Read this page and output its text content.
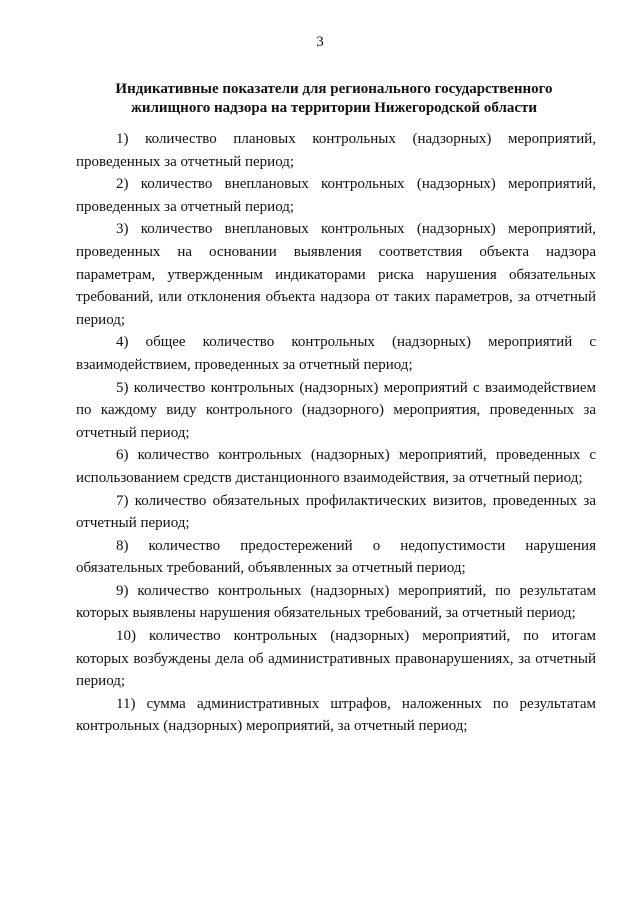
3
Индикативные показатели для регионального государственного
жилищного надзора на территории Нижегородской области

1) количество плановых контрольных (надзорных) мероприятий, проведенных за отчетный период;

2) количество внеплановых контрольных (надзорных) мероприятий, проведенных за отчетный период;

3) количество внеплановых контрольных (надзорных) мероприятий, проведенных на основании выявления соответствия объекта надзора параметрам, утвержденным индикаторами риска нарушения обязательных требований, или отклонения объекта надзора от таких параметров, за отчетный период;

4) общее количество контрольных (надзорных) мероприятий с взаимодействием, проведенных за отчетный период;

5) количество контрольных (надзорных) мероприятий с взаимодействием по каждому виду контрольного (надзорного) мероприятия, проведенных за отчетный период;

6) количество контрольных (надзорных) мероприятий, проведенных с использованием средств дистанционного взаимодействия, за отчетный период;

7) количество обязательных профилактических визитов, проведенных за отчетный период;

8) количество предостережений о недопустимости нарушения обязательных требований, объявленных за отчетный период;

9) количество контрольных (надзорных) мероприятий, по результатам которых выявлены нарушения обязательных требований, за отчетный период;

10) количество контрольных (надзорных) мероприятий, по итогам которых возбуждены дела об административных правонарушениях, за отчетный период;

11) сумма административных штрафов, наложенных по результатам контрольных (надзорных) мероприятий, за отчетный период;
